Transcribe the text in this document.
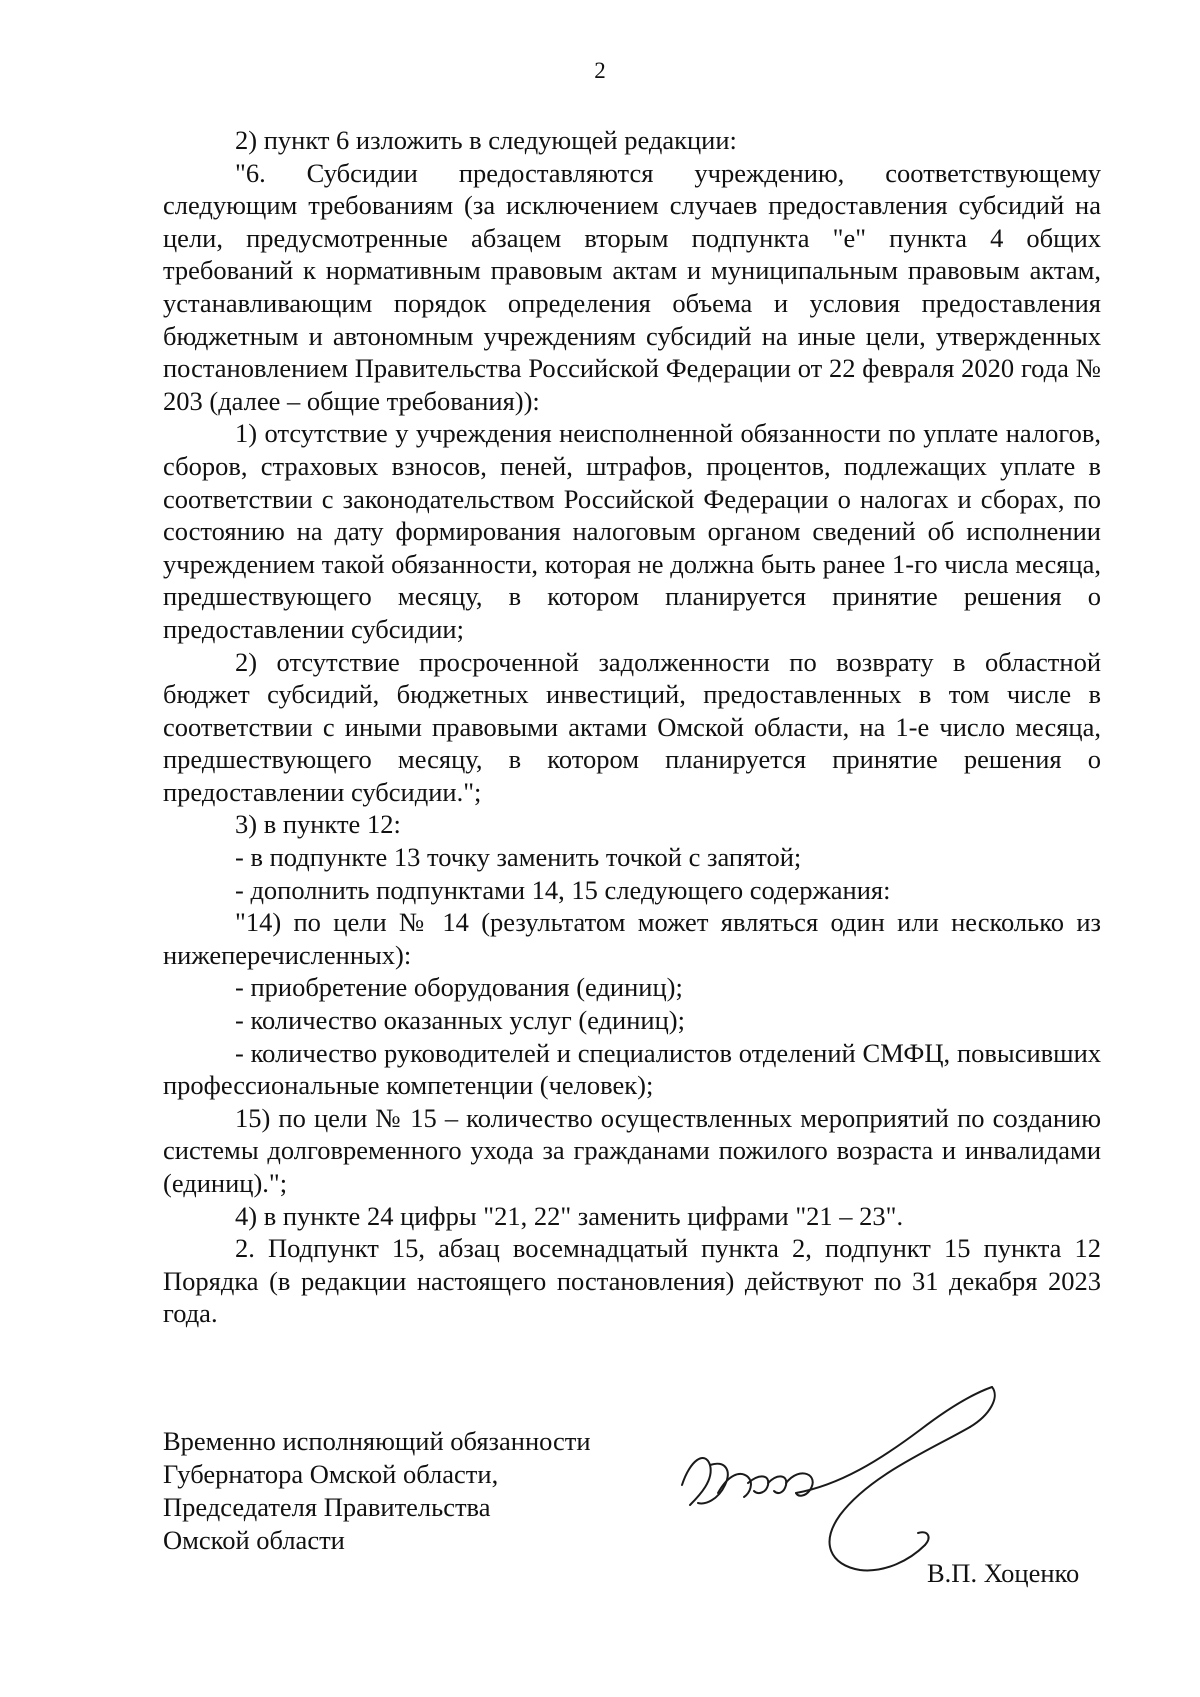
2

2) пункт 6 изложить в следующей редакции:

"6. Субсидии предоставляются учреждению, соответствующему следующим требованиям (за исключением случаев предоставления субсидий на цели, предусмотренные абзацем вторым подпункта "е" пункта 4 общих требований к нормативным правовым актам и муниципальным правовым актам, устанавливающим порядок определения объема и условия предоставления бюджетным и автономным учреждениям субсидий на иные цели, утвержденных постановлением Правительства Российской Федерации от 22 февраля 2020 года № 203 (далее – общие требования)):

1) отсутствие у учреждения неисполненной обязанности по уплате налогов, сборов, страховых взносов, пеней, штрафов, процентов, подлежащих уплате в соответствии с законодательством Российской Федерации о налогах и сборах, по состоянию на дату формирования налоговым органом сведений об исполнении учреждением такой обязанности, которая не должна быть ранее 1-го числа месяца, предшествующего месяцу, в котором планируется принятие решения о предоставлении субсидии;

2) отсутствие просроченной задолженности по возврату в областной бюджет субсидий, бюджетных инвестиций, предоставленных в том числе в соответствии с иными правовыми актами Омской области, на 1-е число месяца, предшествующего месяцу, в котором планируется принятие решения о предоставлении субсидии.";

3) в пункте 12:

- в подпункте 13 точку заменить точкой с запятой;

- дополнить подпунктами 14, 15 следующего содержания:

"14) по цели № 14 (результатом может являться один или несколько из нижеперечисленных):

- приобретение оборудования (единиц);

- количество оказанных услуг (единиц);

- количество руководителей и специалистов отделений СМФЦ, повысивших профессиональные компетенции (человек);

15) по цели № 15 – количество осуществленных мероприятий по созданию системы долговременного ухода за гражданами пожилого возраста и инвалидами (единиц).";

4) в пункте 24 цифры "21, 22" заменить цифрами "21 – 23".

2. Подпункт 15, абзац восемнадцатый пункта 2, подпункт 15 пункта 12 Порядка (в редакции настоящего постановления) действуют по 31 декабря 2023 года.

Временно исполняющий обязанности
Губернатора Омской области,
Председателя Правительства
Омской области
В.П. Хоценко
